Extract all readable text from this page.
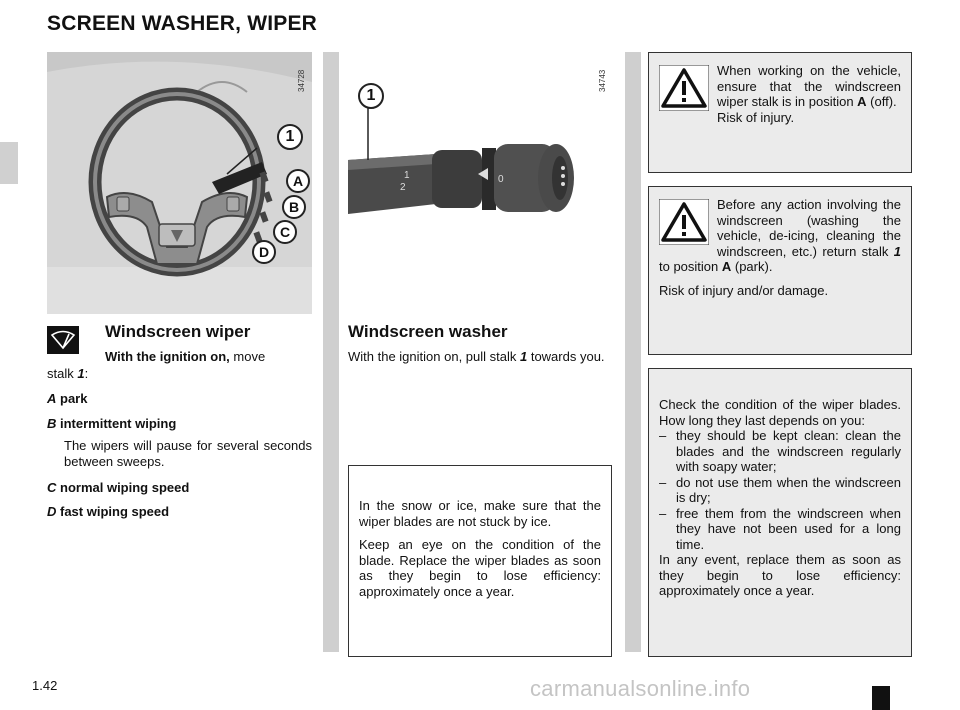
SCREEN WASHER, WIPER
1
A
B
C
D
34728
2
1	0
1
34743
Windscreen wiper
With the ignition on, move
stalk 1:
A park
B intermittent wiping
The wipers will pause for several seconds between sweeps.
C normal wiping speed
D fast wiping speed
Windscreen washer
With the ignition on, pull stalk 1 towards you.

In the snow or ice, make sure that the wiper blades are not stuck by ice.

Keep an eye on the condition of the blade. Replace the wiper blades as soon as they begin to lose efficiency: approximately once a year.

When working on the vehicle, ensure that the windscreen wiper stalk is in position A (off).
Risk of injury.
Before any action involving the windscreen (washing the vehicle, de-icing, cleaning the windscreen, etc.) return stalk 1 to position A (park).
Risk of injury and/or damage.
Check the condition of the wiper blades. How long they last depends on you:
– they should be kept clean: clean the blades and the windscreen regularly with soapy water;
– do not use them when the windscreen is dry;
– free them from the windscreen when they have not been used for a long time.
In any event, replace them as soon as they begin to lose efficiency: approximately once a year.
1.42	carmanualsonline.info
